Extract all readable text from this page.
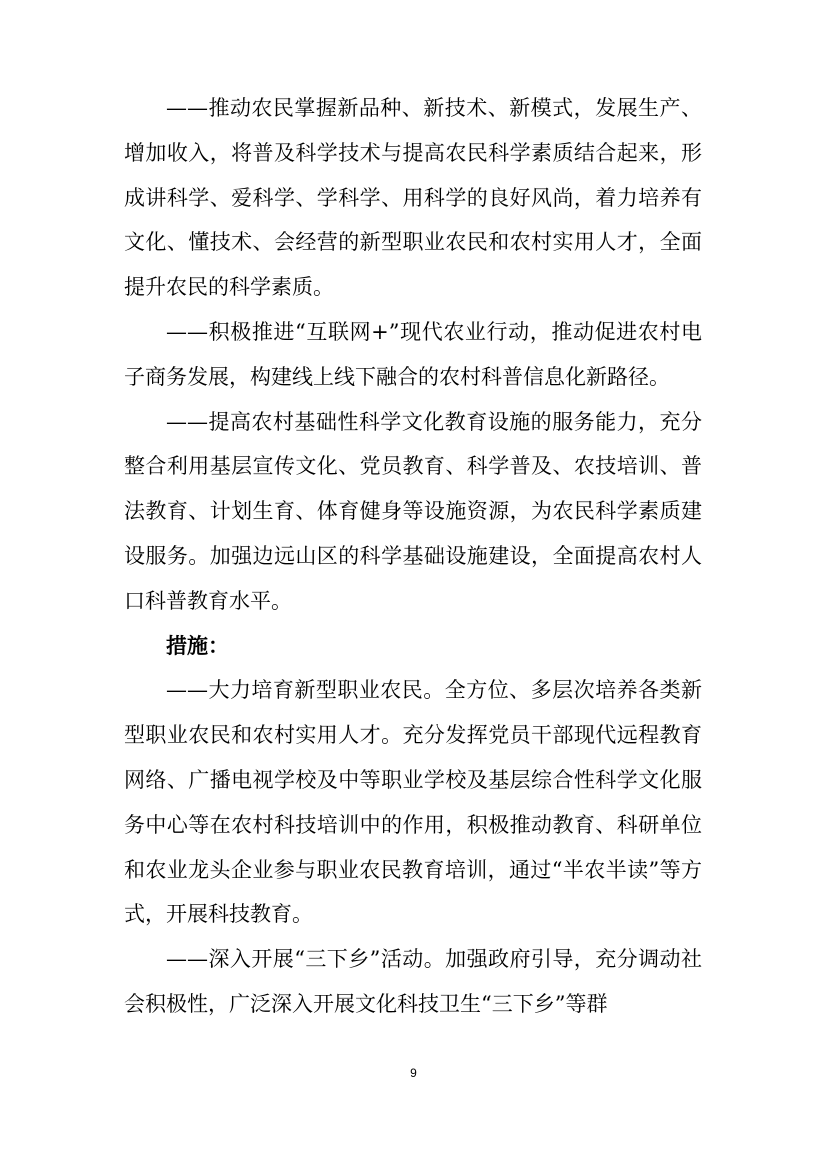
——推动农民掌握新品种、新技术、新模式，发展生产、增加收入，将普及科学技术与提高农民科学素质结合起来，形成讲科学、爱科学、学科学、用科学的良好风尚，着力培养有文化、懂技术、会经营的新型职业农民和农村实用人才，全面提升农民的科学素质。

——积极推进“互联网+”现代农业行动，推动促进农村电子商务发展，构建线上线下融合的农村科普信息化新路径。

——提高农村基础性科学文化教育设施的服务能力，充分整合利用基层宣传文化、党员教育、科学普及、农技培训、普法教育、计划生育、体育健身等设施资源，为农民科学素质建设服务。加强边远山区的科学基础设施建设，全面提高农村人口科普教育水平。

措施：

——大力培育新型职业农民。全方位、多层次培养各类新型职业农民和农村实用人才。充分发挥党员干部现代远程教育网络、广播电视学校及中等职业学校及基层综合性科学文化服务中心等在农村科技培训中的作用，积极推动教育、科研单位和农业龙头企业参与职业农民教育培训，通过“半农半读”等方式，开展科技教育。

——深入开展“三下乡”活动。加强政府引导，充分调动社会积极性，广泛深入开展文化科技卫生“三下乡”等群

9
